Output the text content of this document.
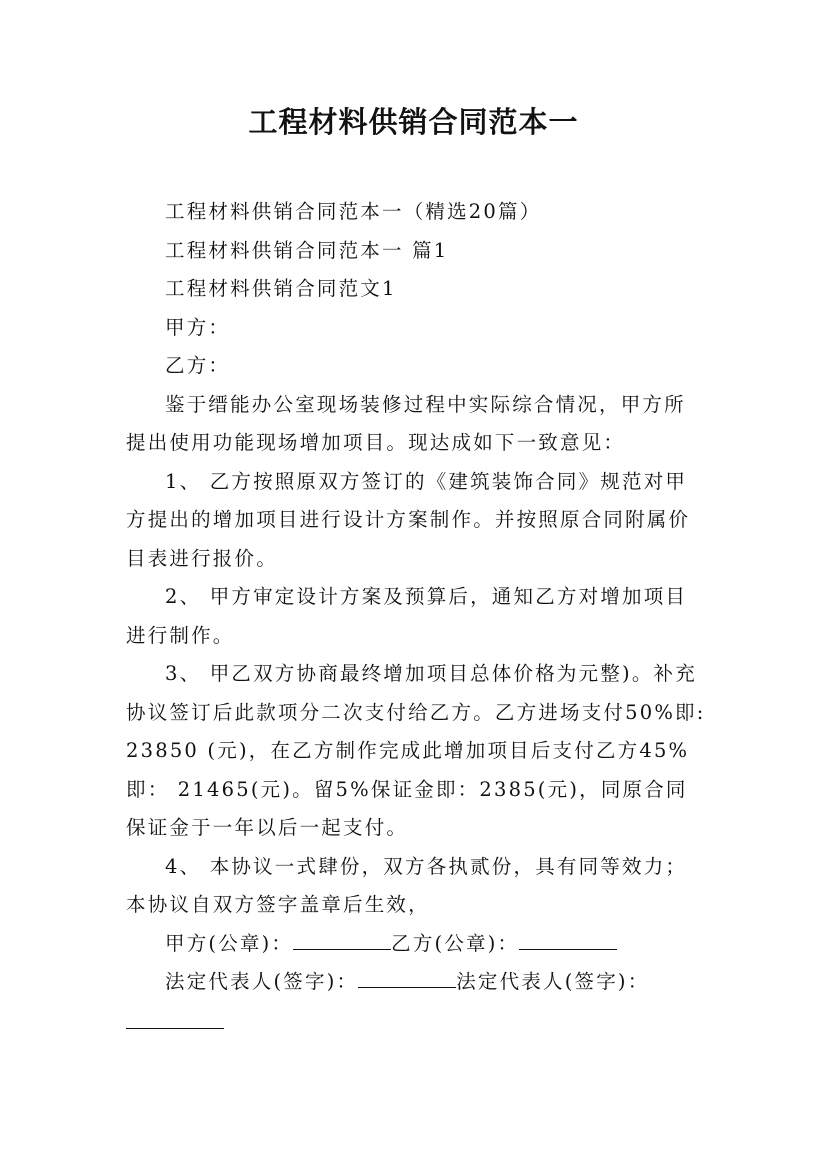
工程材料供销合同范本一

工程材料供销合同范本一（精选20篇）

工程材料供销合同范本一 篇1

工程材料供销合同范文1

甲方：

乙方：

鉴于缙能办公室现场装修过程中实际综合情况，甲方所提出使用功能现场增加项目。现达成如下一致意见：

1、 乙方按照原双方签订的《建筑装饰合同》规范对甲方提出的增加项目进行设计方案制作。并按照原合同附属价目表进行报价。

2、 甲方审定设计方案及预算后，通知乙方对增加项目进行制作。

3、 甲乙双方协商最终增加项目总体价格为元整)。补充协议签订后此款项分二次支付给乙方。乙方进场支付50%即:23850 (元)，在乙方制作完成此增加项目后支付乙方45%即： 21465(元)。留5%保证金即：2385(元)，同原合同保证金于一年以后一起支付。

4、 本协议一式肆份，双方各执贰份，具有同等效力；本协议自双方签字盖章后生效，

甲方(公章)：	乙方(公章)：
法定代表人(签字)：	法定代表人(签字)：
